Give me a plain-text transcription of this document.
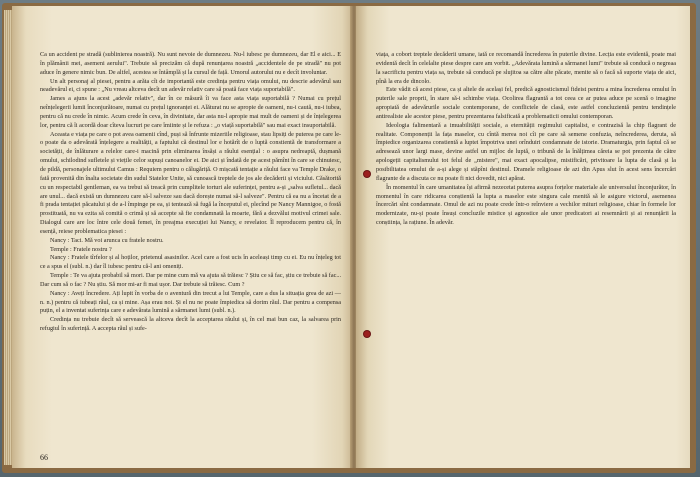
Ca un accident pe stradă (sublinierea noastră). Nu sunt nevoie de dumnezeu. Nu-l iubesc pe dumnezeu, dar El e aici... E în plămânii mei, asemeni aerului". Trebuie să precizăm că după renunțarea noastră „accidentele de pe stradă" nu pot aduce în genere nimic bun. De altfel, acestea se întâmplă și la cursul de față. Umorul autorului nu e decît involuntar.

Un alt personaj al piesei, pentru a arăta cît de importantă este credința pentru viața omului, nu descrie adevărul sau neadevărul ei, ci spune : „Nu vreau altceva decît un adevăr relativ care să poată face viața suportabilă".

James a ajuns la acest „adevăr relativ", dar în ce măsură îi va face asta viața suportabilă ? Numai cu prețul neînțelegerii lumii înconjurătoare, numai cu prețul ignoranței ei. Alăturat nu se apropie de oameni, nu-i caută, nu-i iubea, pentru că nu crede în nimic. Acum crede în ceva, în divinitate, dar asta nu-l apropie mai mult de oameni și de înțelegerea lor, pentru că îi acordă doar cîteva lucruri pe care îmiinte și le refuza : „o viață suportabilă" sau mai exact insuportabilă.

Aceasta e viața pe care o pot avea oamenii cînd, puși să înfrunte mizeriile religioase, stau lipsiți de puterea pe care le-o poate da o adevărată înțelegere a realității, a faptului că destinul lor e hotărît de o luptă constientă de transformare a societății, de înlăturare a relelor care-i macină prin eliminarea însăși a răului esențial : o asupra nedreaptă, dușmană omului, schilodind sufletele și viețile celor supuși canoanelor ei. De aici și îndată de pe acest pămînt în care se chinuiesc, de pildă, personajele ultimului Camus : Requiem pentru o călugăriță. O mișcată tentație a răului face va Temple Drake, o fată provenită din înalta societate din sudul Statelor Unite, să cunoască treptele de jos ale decăderii și viciului. Căsătorită cu un respectabil gentleman, ea va trebui să treacă prin cumplitele torturi ale suferinței, pentru a-și „salva sufletul... dacă are unul... dacă există un dumnezeu care să-l salveze sau dacă dorește numai să-l salveze". Pentru că ea nu a încetat de a fi prada tentației păcatului și de a-l împinge pe ea, și tentează să fugă la începutul ei, plecînd pe Nancy Mannigoe, o fostă prostituată, nu va ezita să comită o crimă și să accepte să fie condamnată la moarte, fără a dezvălui motivul crimei sale. Dialogul care are loc între cele două femei, în preajma execuției lui Nancy, e revelator. Îl reproducem pentru că, în esență, reiese problematica piesei :

Nancy : Taci. Mă voi arunca cu fratele nostru.

Temple : Fratele nostru ?

Nancy : Fratele tîrfelor și al hoților, prietenul asasinilor. Acel care a fost ucis în aceleași timp cu ei. Eu nu înțeleg tot ce a spus el (subl. n.) dar îl iubesc pentru că-l ani omeniți.

Temple : Te va ajuta probabil să mori. Dar pe mine cum mă va ajuta să trăiesc ? Știu ce să fac, știu ce trebuie să fac... Dar cum să o fac ? Nu știu. Să mor mi-ar fi mai ușor. Dar trebuie să trăiesc. Cum ?

Nancy : Aveți încredere. Ați lupit în vorba de o aventură din trecut a lui Temple, care a dus la situația grea de azi — n. n.) pentru că iubeați răul, ca și mine. Așa erau noi. Și el nu ne poate împiedica să dorim răul. Dar pentru a compensa puțin, el a inventat suferința care e adevărata lumină a sărmanei lumi (subl. n.).

Credința nu trebuie decît să servească la altceva decît la acceptarea răului și, în cel mai bun caz, la salvarea prin refugiul în suferință. A accepta răul și sufe-

66

viața, a cobort treptele decăderii umane, iată ce recomandă încrederea în puterile divine. Lecția este evidentă, poate mai evidentă decît în celelalte piese despre care am vorbit. „Adevărata lumină a sărmanei lumi" trebuie să conducă o negreaa la sacrificiu pentru viața sa, trebuie să conducă pe slujitoa sa către alte păcate, menite să o facă să suporte viața de aici, pînă la era de dincolo.

Este vădit că acest piese, ca și altele de același fel, predică agnosticismul fideist pentru a mina încrederea omului în puterile sale proprii, în stare să-i schimbe viața. Ocolirea flagrantă a tot ceea ce ar putea aduce pe scenă o imagine apropiată de adevărurile sociale contemporane, de conflictele de clasă, este astfel concluzientă pentru tendințele antirealiste ale acestor piese, pentru prezentarea falsificată a problematicii omului contemporan.

Ideologia falimentară a imuabilității sociale, a eternității regimului capitalist, e contrazisă la chip flagrant de realitate. Componenții la fața maselor, cu cîntă merea noi cîi pe care să semene confuzia, neîncrederea, deruta, să împiedice organizarea constientă a luptei împotriva unei orînduiri condamnate de istorie. Dramaturgia, prin faptul că se adresează unor largi mase, devine astfel un mijloc de luptă, o tribună de la înălțimea căreia se pot prezenta de către apologeții capitalismului tot felul de „mistere", mai exact apocalipse, mistificări, privitoare la lupta de clasă și la posibilitatea omului de a-și alege și stăpîni destinul. Dramele religioase de azi din Apus slut în acest sens încercări flagrante de a discuta ce nu poate fi nici dovedit, nici apărat.

În momentul în care umanitatea își afirmă nezecetat puterea asupra forțelor materiale ale universului înconjurător, în momentul în care ridicarea conștientă la lupta a maselor este singura cale menită să le asigure victorul, asemenea încercări sînt condamnate. Omul de azi nu poate crede într-o reînviere a vechilor mituri religioase, chiar în formele lor modernizate, nu-și poate însuși concluzile mistice și agnostice ale unor predicatori ai resemnării și ai renunțării la conștiința, la rațiune. În adevăr.
